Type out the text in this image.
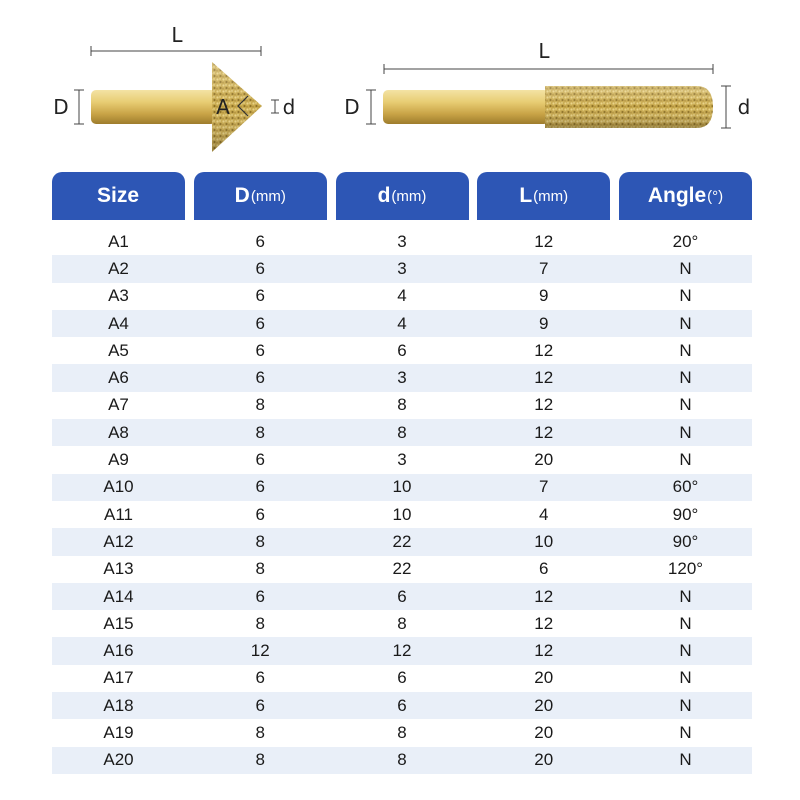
L
D	A	d
L
D	d
Size	D (mm)	d (mm)	L (mm)	Angle (°)
A1	6	3	12	20°
A2	6	3	7	N
A3	6	4	9	N
A4	6	4	9	N
A5	6	6	12	N
A6	6	3	12	N
A7	8	8	12	N
A8	8	8	12	N
A9	6	3	20	N
A10	6	10	7	60°
A11	6	10	4	90°
A12	8	22	10	90°
A13	8	22	6	120°
A14	6	6	12	N
A15	8	8	12	N
A16	12	12	12	N
A17	6	6	20	N
A18	6	6	20	N
A19	8	8	20	N
A20	8	8	20	N
